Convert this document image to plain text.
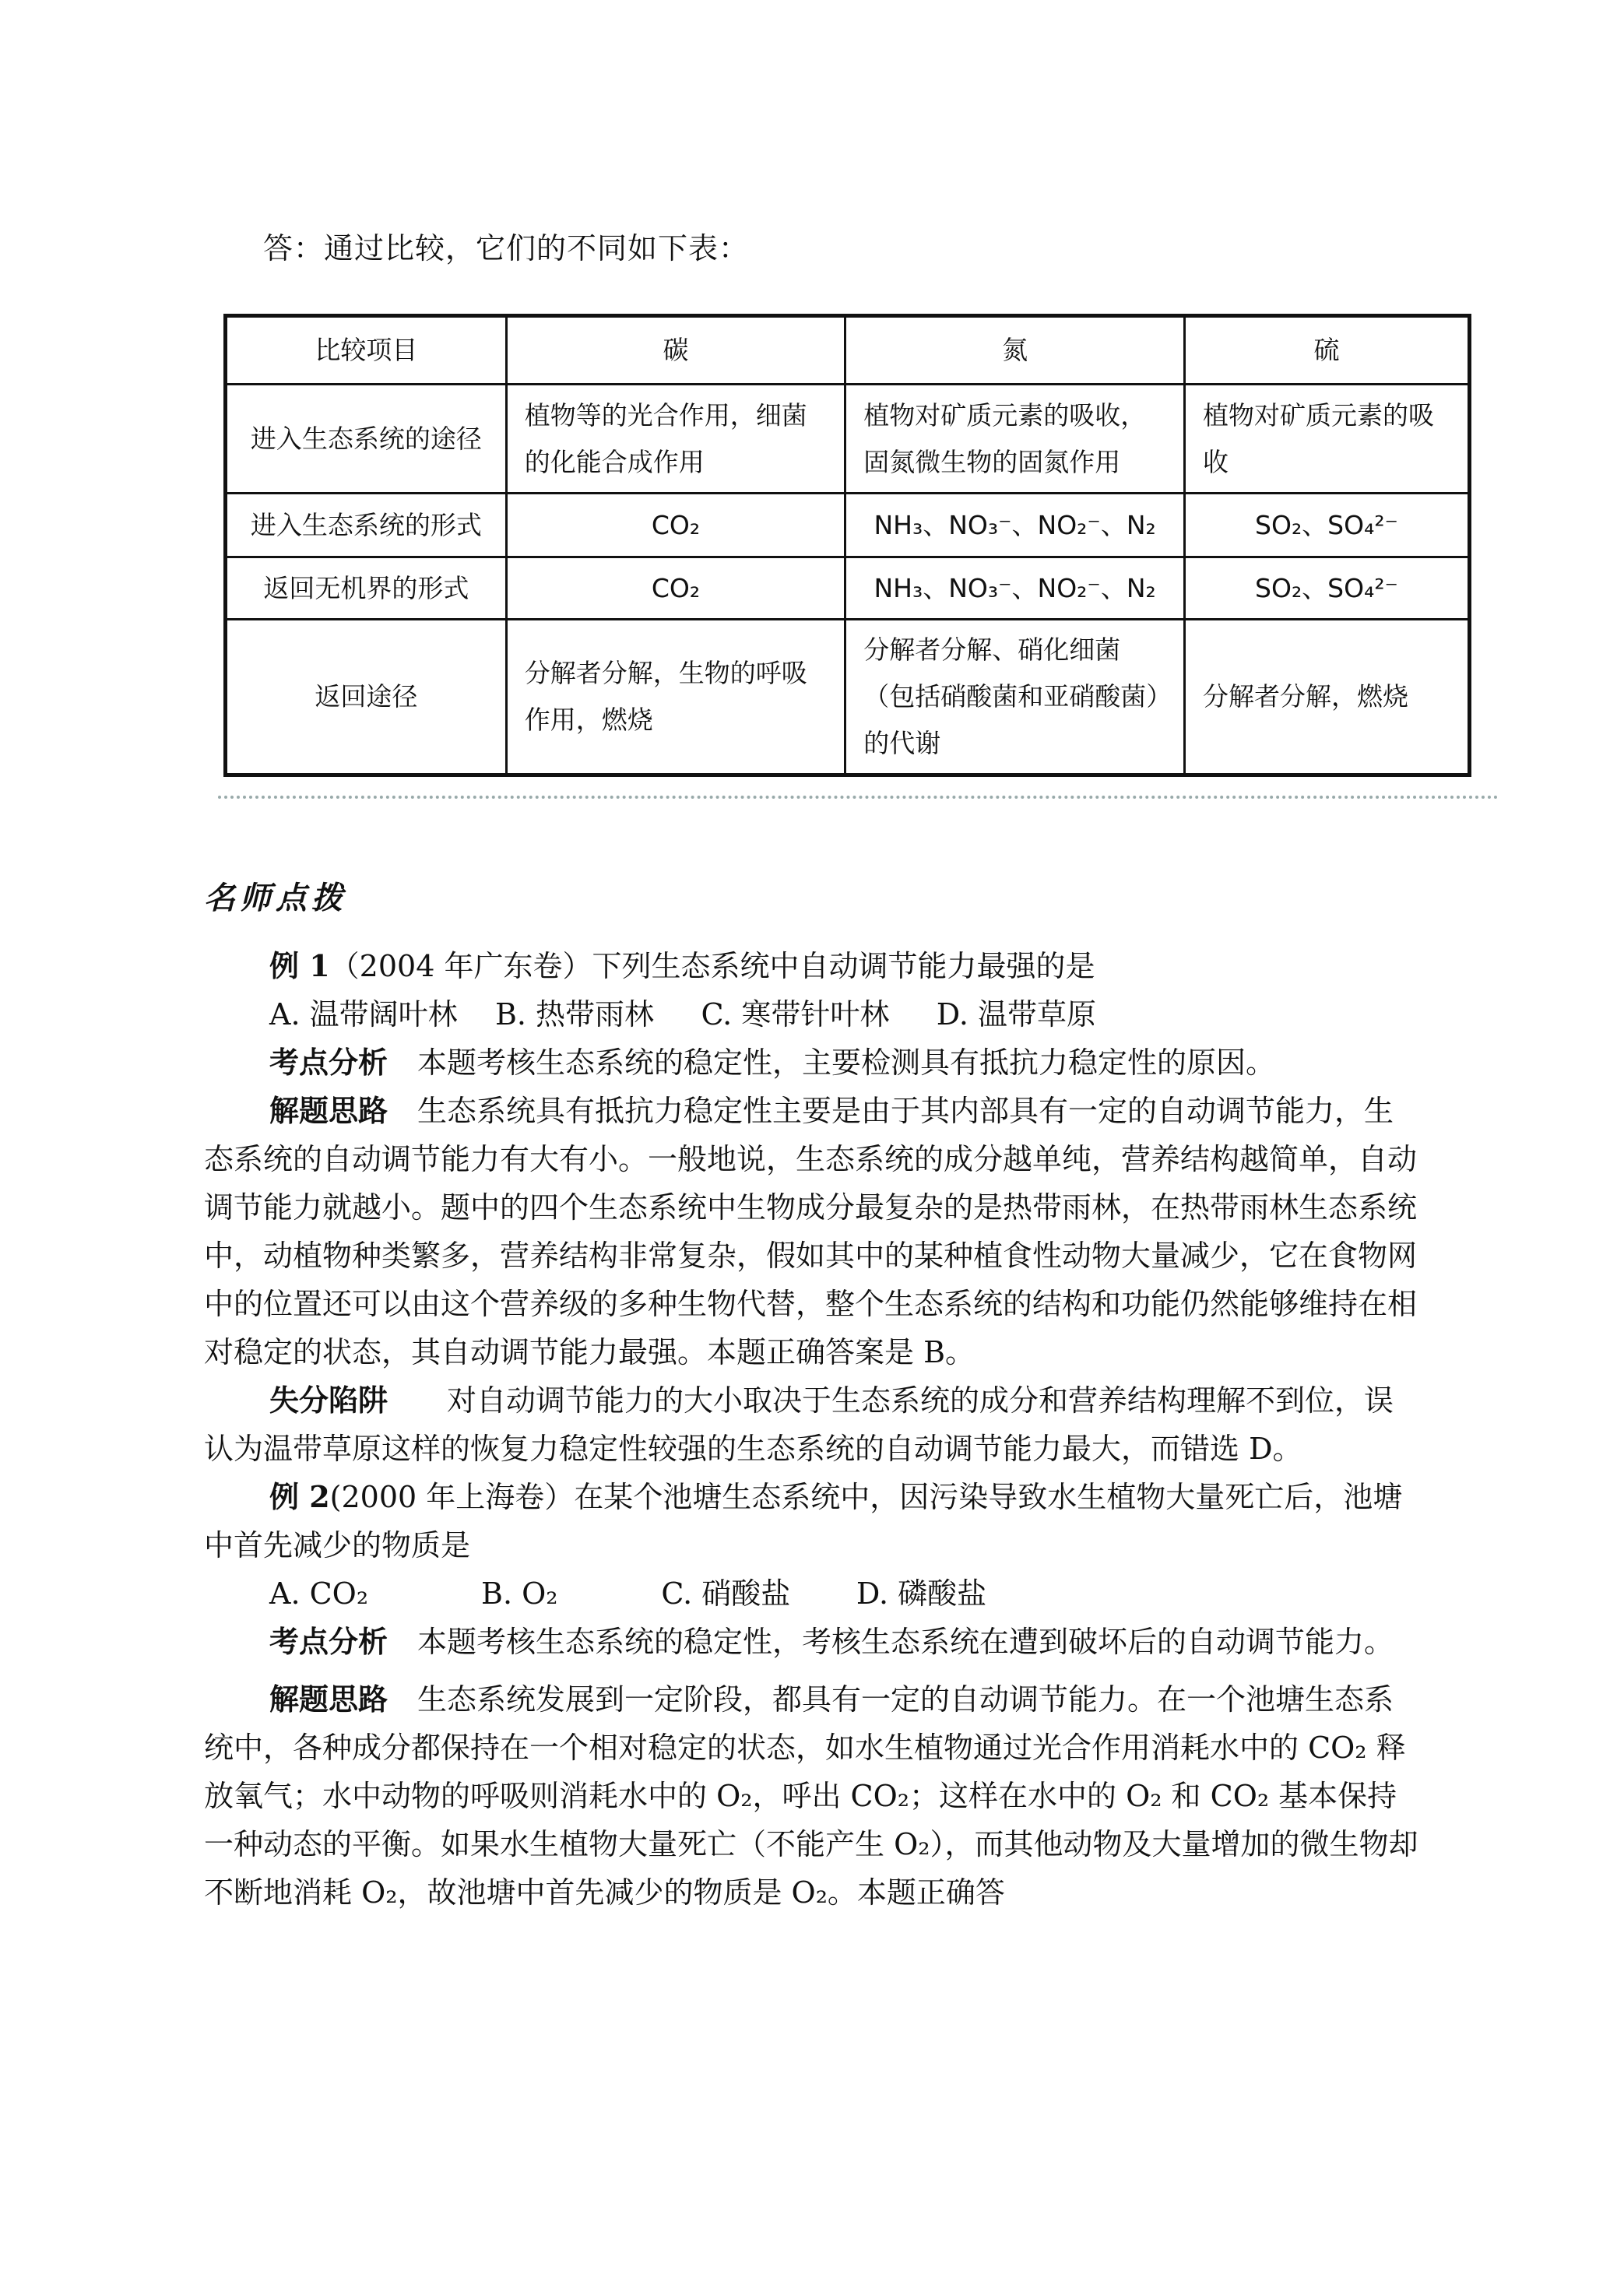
答：通过比较，它们的不同如下表：
比较项目	碳	氮	硫
进入生态系统的途径	植物等的光合作用，细菌的化能合成作用	植物对矿质元素的吸收，固氮微生物的固氮作用	植物对矿质元素的吸收
进入生态系统的形式	CO₂	NH₃、NO₃⁻、NO₂⁻、N₂	SO₂、SO₄²⁻
返回无机界的形式	CO₂	NH₃、NO₃⁻、NO₂⁻、N₂	SO₂、SO₄²⁻
返回途径	分解者分解，生物的呼吸作用，燃烧	分解者分解、硝化细菌（包括硝酸菌和亚硝酸菌）的代谢	分解者分解，燃烧
名师点拨

例 1（2004 年广东卷）下列生态系统中自动调节能力最强的是

A. 温带阔叶林 B. 热带雨林 C. 寒带针叶林 D. 温带草原

考点分析　 本题考核生态系统的稳定性，主要检测具有抵抗力稳定性的原因。

解题思路　 生态系统具有抵抗力稳定性主要是由于其内部具有一定的自动调节能力，生态系统的自动调节能力有大有小。一般地说，生态系统的成分越单纯，营养结构越简单，自动调节能力就越小。题中的四个生态系统中生物成分最复杂的是热带雨林，在热带雨林生态系统中，动植物种类繁多，营养结构非常复杂，假如其中的某种植食性动物大量减少，它在食物网中的位置还可以由这个营养级的多种生物代替，整个生态系统的结构和功能仍然能够维持在相对稳定的状态，其自动调节能力最强。本题正确答案是 B。

失分陷阱　　 对自动调节能力的大小取决于生态系统的成分和营养结构理解不到位，误认为温带草原这样的恢复力稳定性较强的生态系统的自动调节能力最大，而错选 D。

例 2(2000 年上海卷）在某个池塘生态系统中，因污染导致水生植物大量死亡后，池塘中首先减少的物质是

A. CO₂	B. O₂	C. 硝酸盐 D. 磷酸盐

考点分析　 本题考核生态系统的稳定性，考核生态系统在遭到破坏后的自动调节能力。

解题思路　 生态系统发展到一定阶段，都具有一定的自动调节能力。在一个池塘生态系统中，各种成分都保持在一个相对稳定的状态，如水生植物通过光合作用消耗水中的 CO₂ 释放氧气；水中动物的呼吸则消耗水中的 O₂，呼出 CO₂；这样在水中的 O₂ 和 CO₂ 基本保持一种动态的平衡。如果水生植物大量死亡（不能产生 O₂），而其他动物及大量增加的微生物却不断地消耗 O₂，故池塘中首先减少的物质是 O₂。本题正确答
